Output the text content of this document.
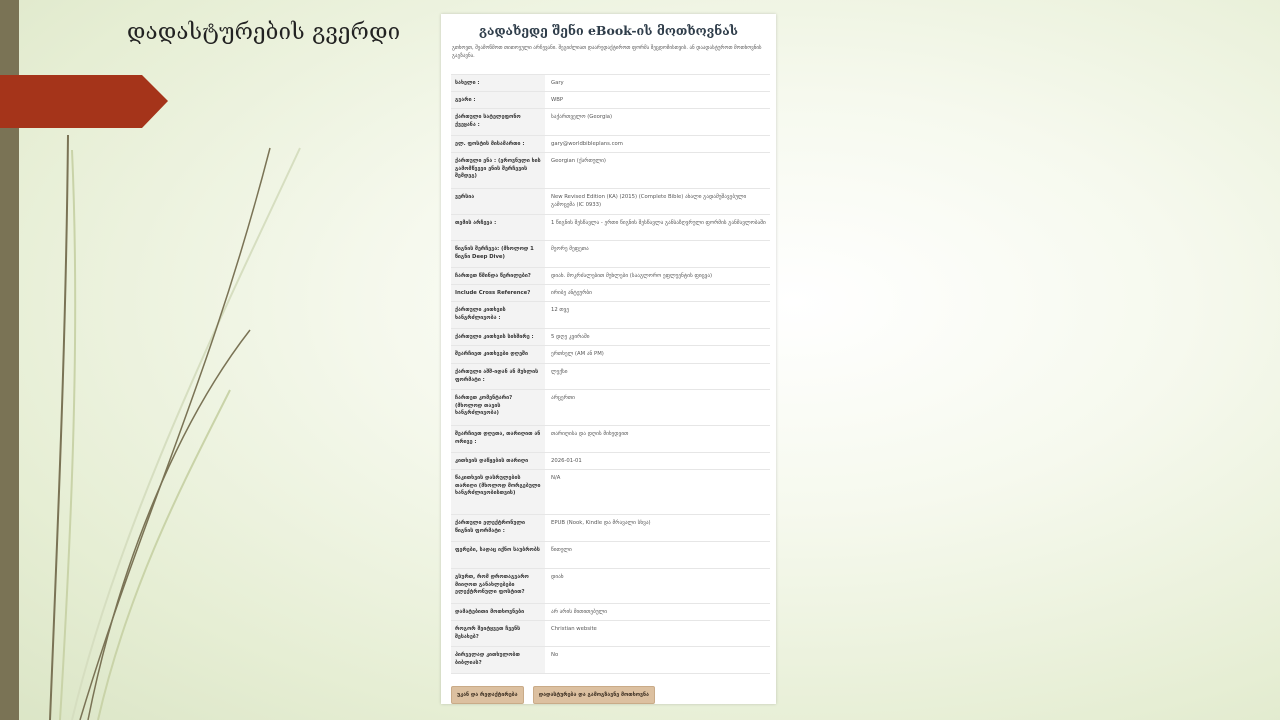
დადასტურების გვერდი	გადახედე შენი eBook-ის მოთხოვნას
გთხოვთ, შეამოწმოთ თითოეული არჩევანი. შეგიძლიათ დაარედაქტიროთ ფორმა შეცდომისთვის. ან დაადასტუროთ მოთხოვნის გაგზავნა.
სახელი :	Gary
გვარი :	WBP
ქართული სატელეფონო ქვეყანა :	საქართველო (Georgia)
ელ. ფოსტის მისამართი :	gary@worldbibleplans.com
ქართული ენა : (ეროვნული ხის გამომწვევი ენის შერჩევის შემდეგ)	Georgian (ქართული)
ვერსია	New Revised Edition (KA) (2015) (Complete Bible) ახალი გადამუშავებული გამოცემა (IC 0933)
თემის არჩევა :	1 წიგნის შესწავლა - ერთი წიგნის შესწავლა განსაზღვრული ფორმის განმავლობაში
წიგნის შერჩევა: (მხოლოდ 1 წიგნი Deep Dive)	მეორე მეფეთა
ჩართეთ წმინდა წერილები?	დიახ. მოკრძალებით მუხლები (სააგლორო ეფლუენტის ფიცვა)
Include Cross Reference?	ირიბე ანტეურბი
ქართული კითხვის ხანგრძლივობა :	12 თვე
ქართული კითხვის სიხშირე :	5 დღე კვირაში
შეარჩიეთ კითხვები დღეში	ერთხელ (AM ან PM)
ქართული აშშ-იდან ან მუხლის ფორმატი :	ლექსი
ჩართეთ კომენტარი? (მხოლოდ თავის ხანგრძლივობა)	არცერთი
შეარჩიეთ დღეთა, თარიღით ან ორივე :	თარიღისა და დღის მიხედვით
კითხვის დაწყების თარიღი	2026-01-01
წაკითხვის დასრულების თარიღი (მხოლოდ მორგებული ხანგრძლივობისთვის)	N/A
ქართული ელექტრონული წიგნის ფორმატი :	EPUB (Nook, Kindle და მრავალი სხვა)
ფერები, სადაც იქნო საუბრობს	წითელი
გსურთ, რომ დროთაგვარო მიიღოთ განახლებები ელექტრონული ფოსტით?	დიახ
დამატებითი მოთხოვნები	არ არის მითითებული
როგორ შეიტყვეთ ჩვენს შესახებ?	Christian website
პირველად კითხულობთ ბიბლიას?	No
უკან და რედაქტირება	დადასტურება და გამოგზავნე მოთხოვნა
